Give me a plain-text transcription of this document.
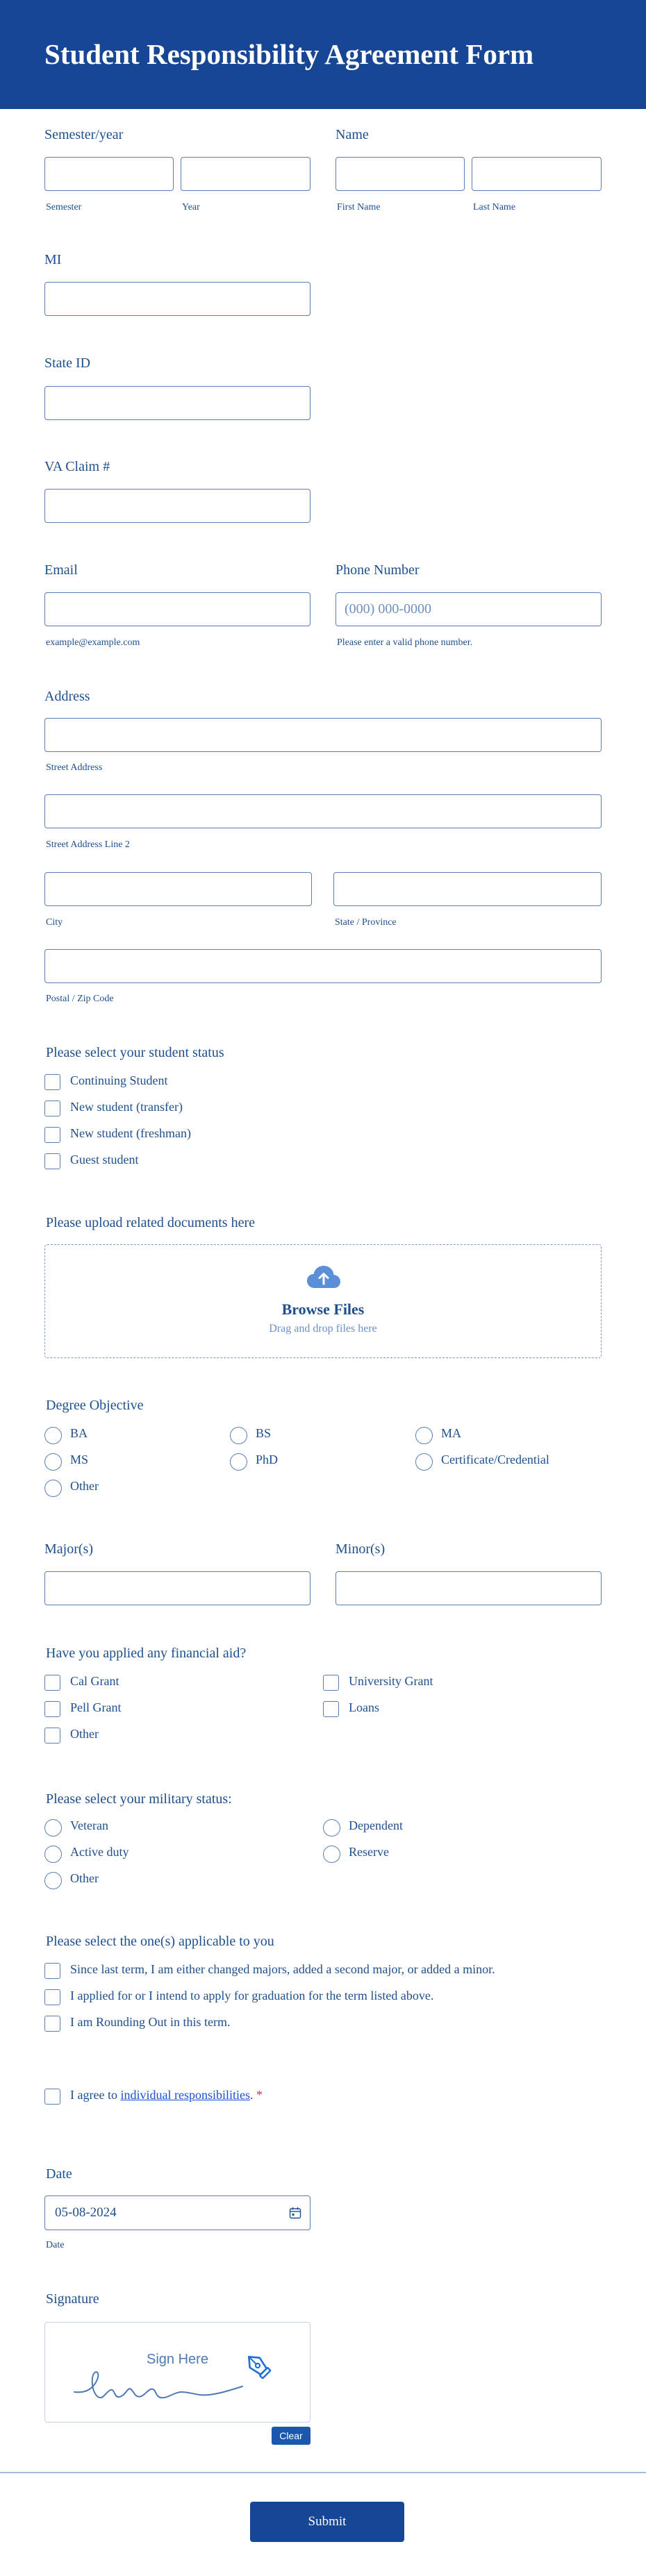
Student Responsibility Agreement Form
Semester/year
Semester	Year
Name
First Name	Last Name
MI
State ID
VA Claim #
Email
example@example.com
Phone Number
(000) 000-0000
Please enter a valid phone number.
Address
Street Address
Street Address Line 2
City	State / Province
Postal / Zip Code
Please select your student status
Continuing Student
New student (transfer)
New student (freshman)
Guest student
Please upload related documents here
Browse Files
Drag and drop files here
Degree Objective
BA	BS	MA
MS	PhD	Certificate/Credential
Other
Major(s)	Minor(s)
Have you applied any financial aid?
Cal Grant	University Grant
Pell Grant	Loans
Other
Please select your military status:
Veteran	Dependent
Active duty	Reserve
Other
Please select the one(s) applicable to you
Since last term, I am either changed majors, added a second major, or added a minor.
I applied for or I intend to apply for graduation for the term listed above.
I am Rounding Out in this term.
I agree to individual responsibilities. *
Date
05-08-2024
Date
Signature
Sign Here
Clear
Submit
